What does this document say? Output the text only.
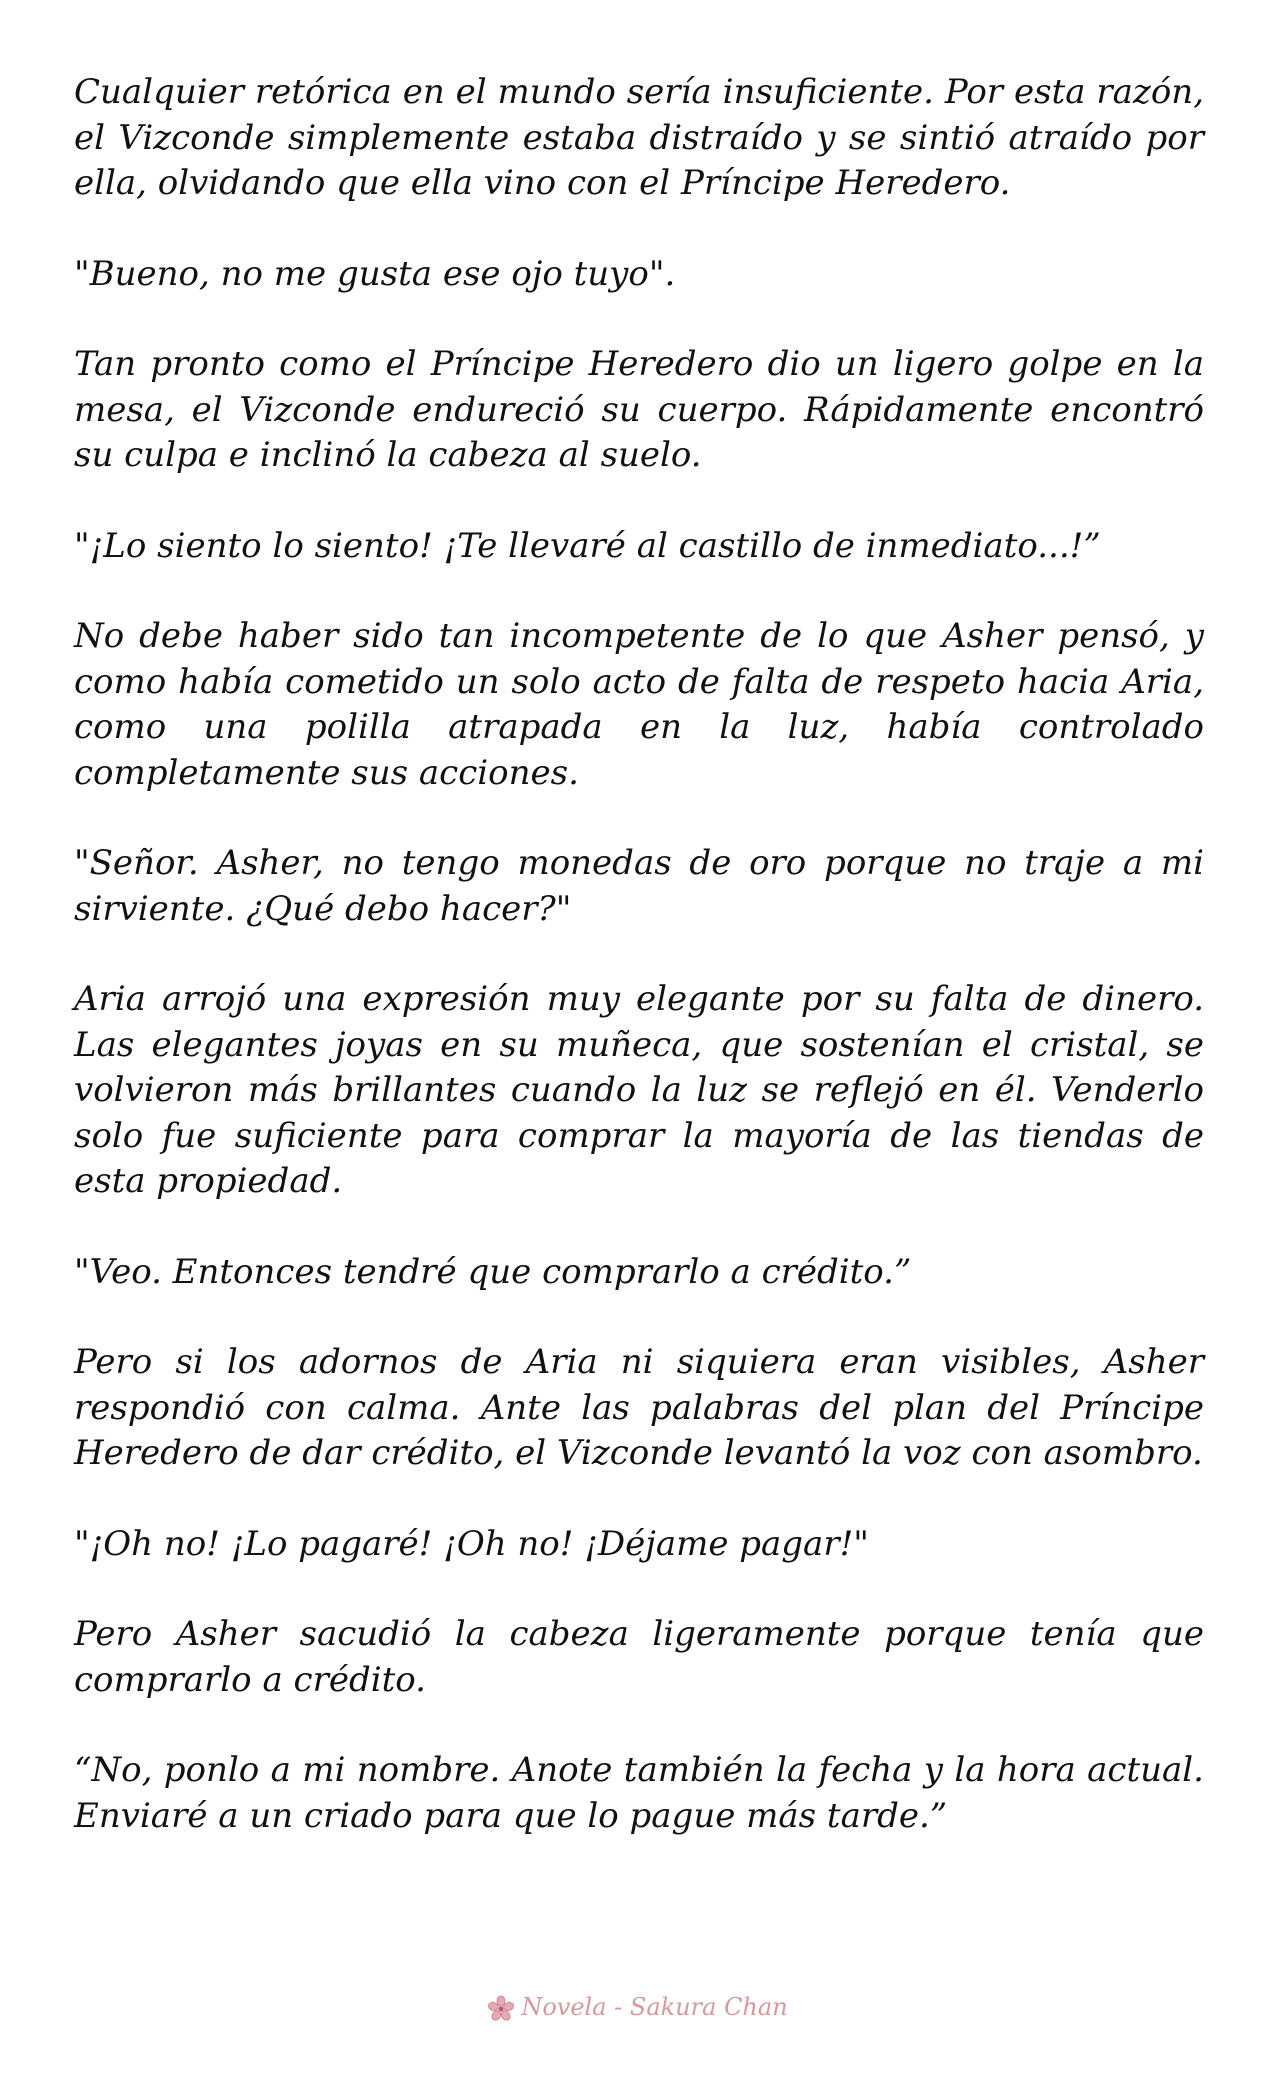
Cualquier retórica en el mundo sería insuficiente. Por esta razón, el Vizconde simplemente estaba distraído y se sintió atraído por ella, olvidando que ella vino con el Príncipe Heredero.

"Bueno, no me gusta ese ojo tuyo".

Tan pronto como el Príncipe Heredero dio un ligero golpe en la mesa, el Vizconde endureció su cuerpo. Rápidamente encontró su culpa e inclinó la cabeza al suelo.

"¡Lo siento lo siento! ¡Te llevaré al castillo de inmediato...!”

No debe haber sido tan incompetente de lo que Asher pensó, y como había cometido un solo acto de falta de respeto hacia Aria, como una polilla atrapada en la luz, había controlado completamente sus acciones.

"Señor. Asher, no tengo monedas de oro porque no traje a mi sirviente. ¿Qué debo hacer?"

Aria arrojó una expresión muy elegante por su falta de dinero. Las elegantes joyas en su muñeca, que sostenían el cristal, se volvieron más brillantes cuando la luz se reflejó en él. Venderlo solo fue suficiente para comprar la mayoría de las tiendas de esta propiedad.

"Veo. Entonces tendré que comprarlo a crédito.”

Pero si los adornos de Aria ni siquiera eran visibles, Asher respondió con calma. Ante las palabras del plan del Príncipe Heredero de dar crédito, el Vizconde levantó la voz con asombro.

"¡Oh no! ¡Lo pagaré! ¡Oh no! ¡Déjame pagar!"

Pero Asher sacudió la cabeza ligeramente porque tenía que comprarlo a crédito.

“No, ponlo a mi nombre. Anote también la fecha y la hora actual. Enviaré a un criado para que lo pague más tarde.”

Novela - Sakura Chan
